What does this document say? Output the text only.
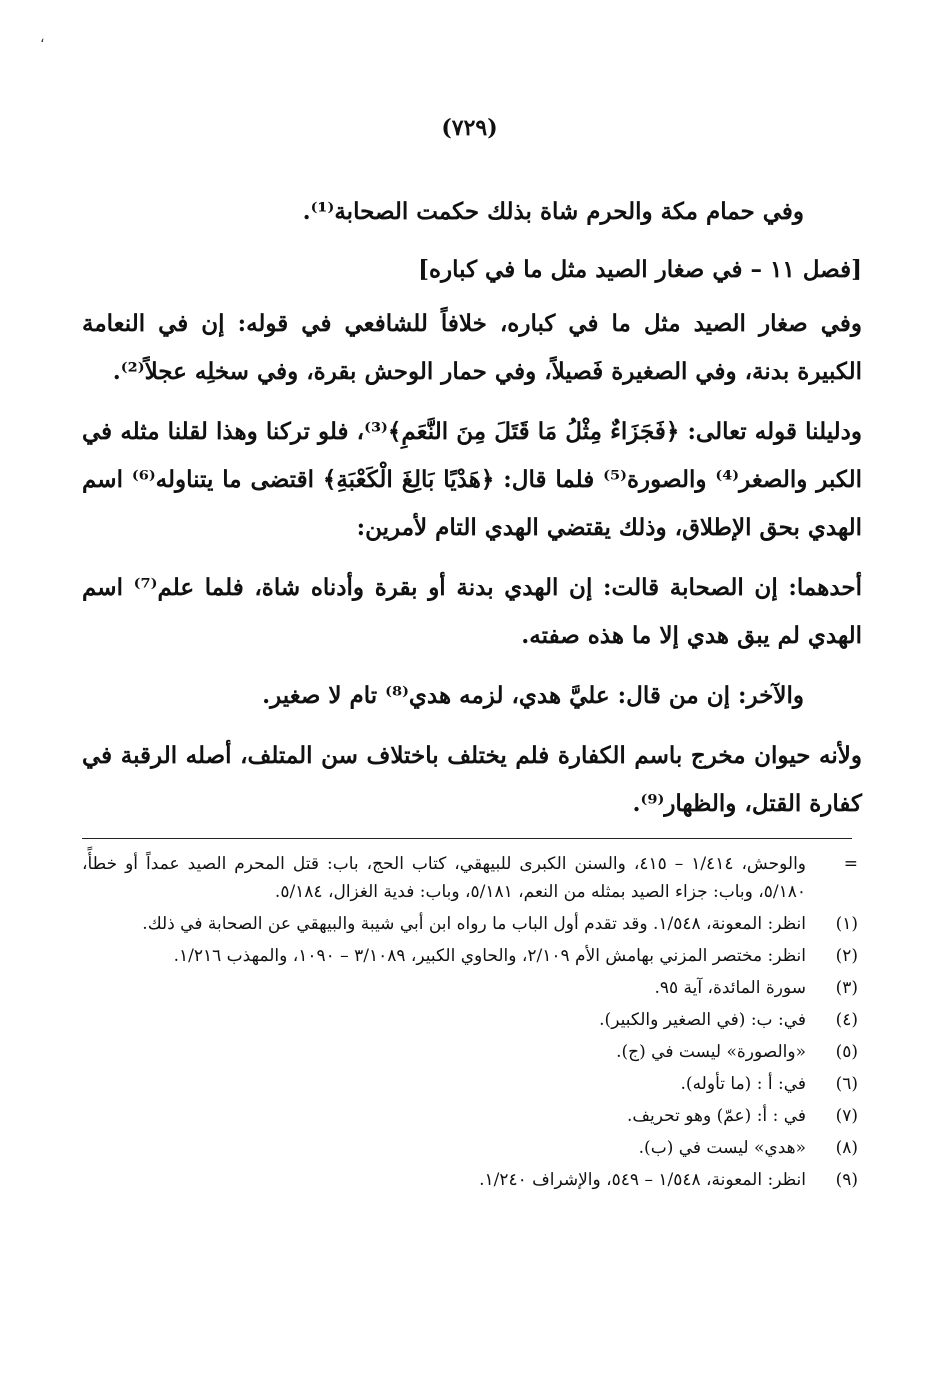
،
(٧٢٩)

وفي حمام مكة والحرم شاة بذلك حكمت الصحابة⁽¹⁾.

[فصل ١١ – في صغار الصيد مثل ما في كباره]

وفي صغار الصيد مثل ما في كباره، خلافاً للشافعي في قوله: إن في النعامة الكبيرة بدنة، وفي الصغيرة فَصيلاً، وفي حمار الوحش بقرة، وفي سخلِه عجلاً⁽²⁾.

ودليلنا قوله تعالى: ﴿فَجَزَاءٌ مِثْلُ مَا قَتَلَ مِنَ النَّعَمِ﴾⁽³⁾، فلو تركنا وهذا لقلنا مثله في الكبر والصغر⁽⁴⁾ والصورة⁽⁵⁾ فلما قال: ﴿هَدْيًا بَالِغَ الْكَعْبَةِ﴾ اقتضى ما يتناوله⁽⁶⁾ اسم الهدي بحق الإطلاق، وذلك يقتضي الهدي التام لأمرين:

أحدهما: إن الصحابة قالت: إن الهدي بدنة أو بقرة وأدناه شاة، فلما علم⁽⁷⁾ اسم الهدي لم يبق هدي إلا ما هذه صفته.

والآخر: إن من قال: عليَّ هدي، لزمه هدي⁽⁸⁾ تام لا صغير.

ولأنه حيوان مخرج باسم الكفارة فلم يختلف باختلاف سن المتلف، أصله الرقبة في كفارة القتل، والظهار⁽⁹⁾.

=
والوحش، ١/٤١٤ – ٤١٥، والسنن الكبرى للبيهقي، كتاب الحج، باب: قتل المحرم الصيد عمداً أو خطأً، ٥/١٨٠، وباب: جزاء الصيد بمثله من النعم، ٥/١٨١، وباب: فدية الغزال، ٥/١٨٤.
(١)
انظر: المعونة، ١/٥٤٨. وقد تقدم أول الباب ما رواه ابن أبي شيبة والبيهقي عن الصحابة في ذلك.
(٢)
انظر: مختصر المزني بهامش الأم ٢/١٠٩، والحاوي الكبير، ٣/١٠٨٩ – ١٠٩٠، والمهذب ١/٢١٦.
(٣)
سورة المائدة، آية ٩٥.
(٤)
في: ب: (في الصغير والكبير).
(٥)
«والصورة» ليست في (ج).
(٦)
في: أ : (ما تأوله).
(٧)
في : أ: (عمّ) وهو تحريف.
(٨)
«هدي» ليست في (ب).
(٩)
انظر: المعونة، ١/٥٤٨ – ٥٤٩، والإشراف ١/٢٤٠.
